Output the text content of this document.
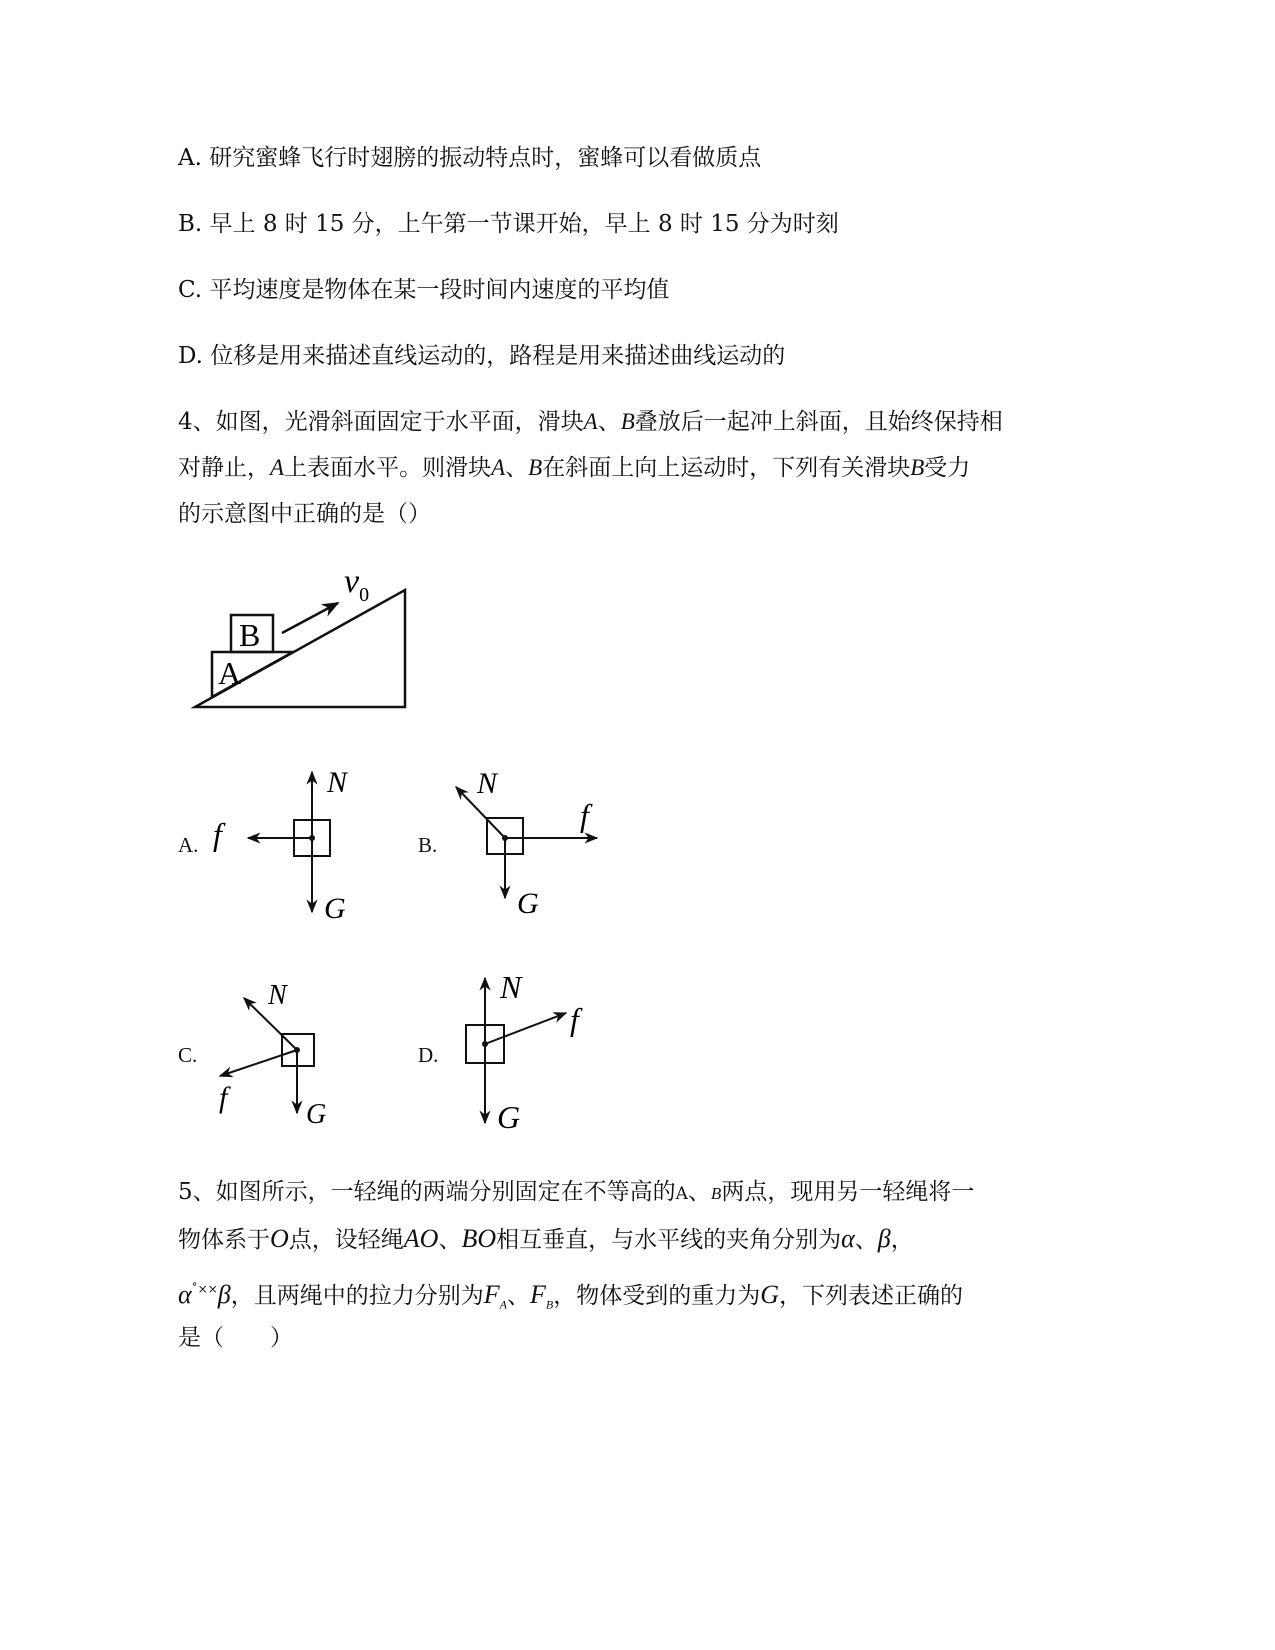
A. 研究蜜蜂飞行时翅膀的振动特点时，蜜蜂可以看做质点
B. 早上 8 时 15 分，上午第一节课开始，早上 8 时 15 分为时刻
C. 平均速度是物体在某一段时间内速度的平均值
D. 位移是用来描述直线运动的，路程是用来描述曲线运动的
4、如图，光滑斜面固定于水平面，滑块A、B叠放后一起冲上斜面，且始终保持相
对静止，A上表面水平。则滑块A、B在斜面上向上运动时，下列有关滑块B受力
的示意图中正确的是（）
B
A
$v_0$
N
f
G
N
f
G
N
f
G
N
f
G
A.	B.
C.	D.
5、如图所示，一轻绳的两端分别固定在不等高的A、B两点，现用另一轻绳将一
物体系于O点，设轻绳AO、BO相互垂直，与水平线的夹角分别为α、β，
α˚××β，且两绳中的拉力分别为$F_A$、$F_B$，物体受到的重力为G，下列表述正确的
是（　　）
